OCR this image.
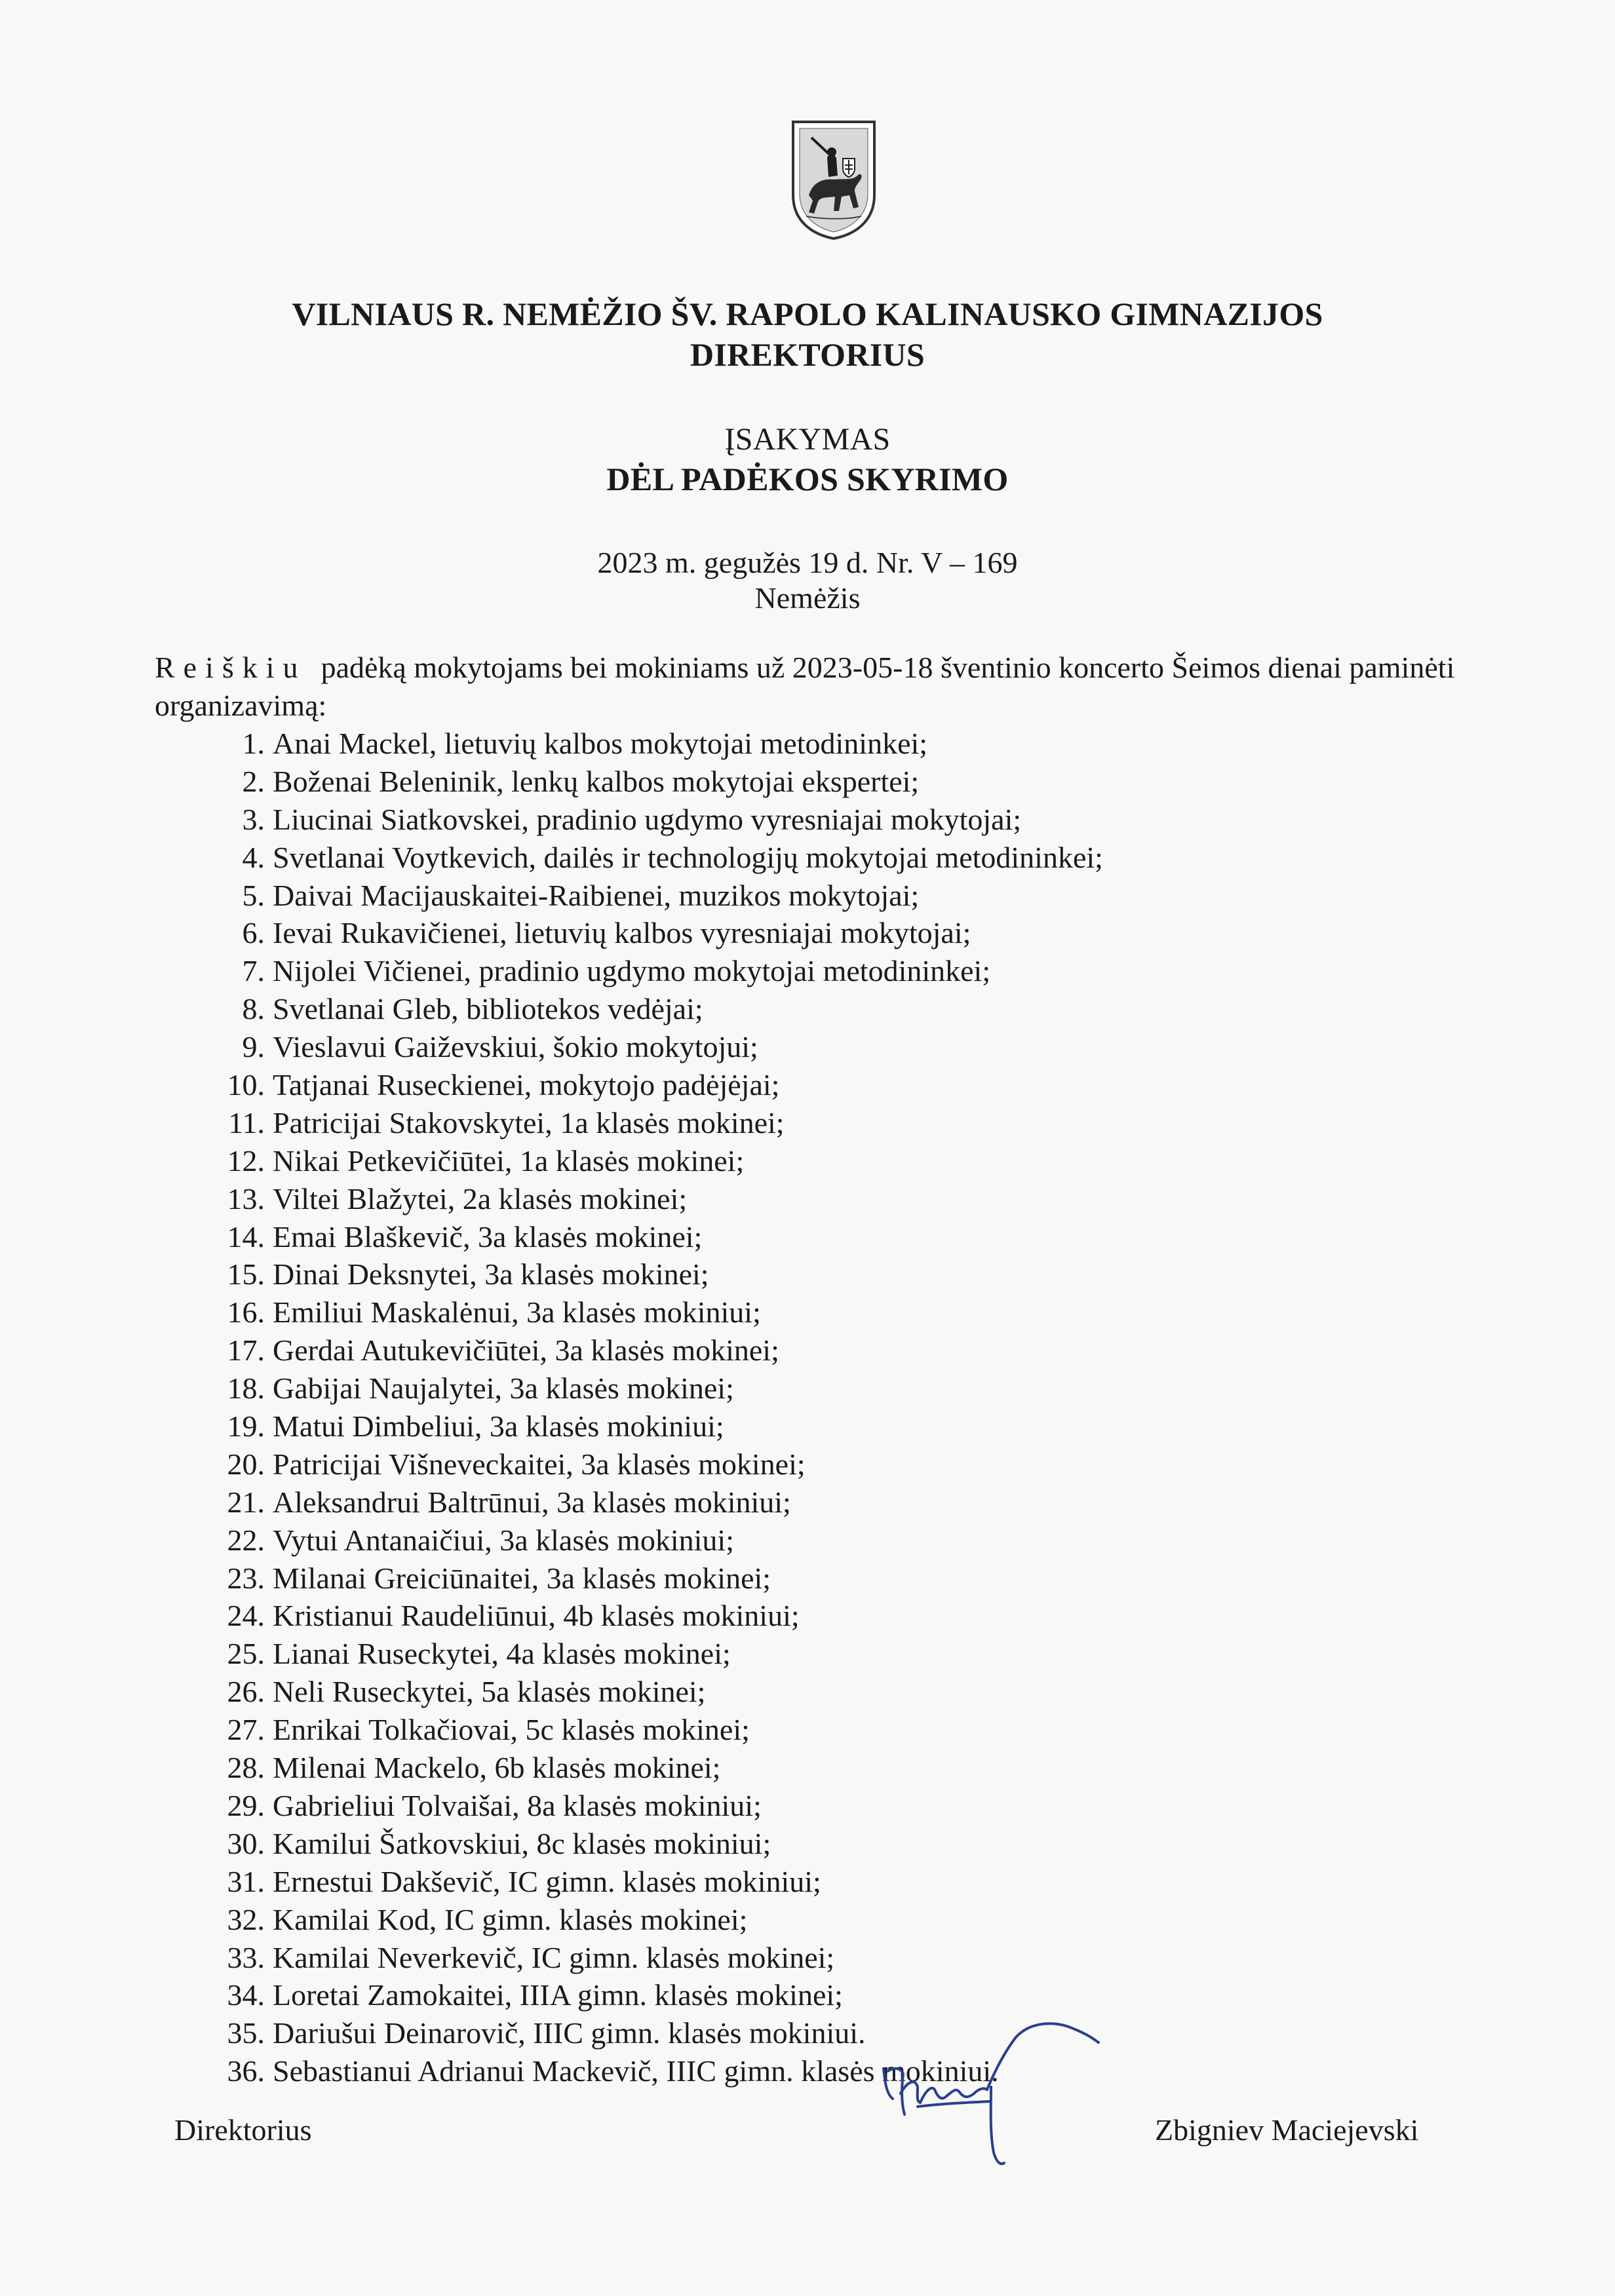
VILNIAUS R. NEMĖŽIO ŠV. RAPOLO KALINAUSKO GIMNAZIJOS
DIREKTORIUS
ĮSAKYMAS
DĖL PADĖKOS SKYRIMO
2023 m. gegužės 19 d. Nr. V – 169
Nemėžis
Reiškiu padėką mokytojams bei mokiniams už 2023-05-18 šventinio koncerto Šeimos dienai paminėti organizavimą:
1. Anai Mackel, lietuvių kalbos mokytojai metodininkei;
2. Boženai Beleninik, lenkų kalbos mokytojai ekspertei;
3. Liucinai Siatkovskei, pradinio ugdymo vyresniajai mokytojai;
4. Svetlanai Voytkevich, dailės ir technologijų mokytojai metodininkei;
5. Daivai Macijauskaitei-Raibienei, muzikos mokytojai;
6. Ievai Rukavičienei, lietuvių kalbos vyresniajai mokytojai;
7. Nijolei Vičienei, pradinio ugdymo mokytojai metodininkei;
8. Svetlanai Gleb, bibliotekos vedėjai;
9. Vieslavui Gaiževskiui, šokio mokytojui;
10. Tatjanai Ruseckienei, mokytojo padėjėjai;
11. Patricijai Stakovskytei, 1a klasės mokinei;
12. Nikai Petkevičiūtei, 1a klasės mokinei;
13. Viltei Blažytei, 2a klasės mokinei;
14. Emai Blaškevič, 3a klasės mokinei;
15. Dinai Deksnytei, 3a klasės mokinei;
16. Emiliui Maskalėnui, 3a klasės mokiniui;
17. Gerdai Autukevičiūtei, 3a klasės mokinei;
18. Gabijai Naujalytei, 3a klasės mokinei;
19. Matui Dimbeliui, 3a klasės mokiniui;
20. Patricijai Višneveckaitei, 3a klasės mokinei;
21. Aleksandrui Baltrūnui, 3a klasės mokiniui;
22. Vytui Antanaičiui, 3a klasės mokiniui;
23. Milanai Greiciūnaitei, 3a klasės mokinei;
24. Kristianui Raudeliūnui, 4b klasės mokiniui;
25. Lianai Ruseckytei, 4a klasės mokinei;
26. Neli Ruseckytei, 5a klasės mokinei;
27. Enrikai Tolkačiovai, 5c klasės mokinei;
28. Milenai Mackelo, 6b klasės mokinei;
29. Gabrieliui Tolvaišai, 8a klasės mokiniui;
30. Kamilui Šatkovskiui, 8c klasės mokiniui;
31. Ernestui Dakševič, IC gimn. klasės mokiniui;
32. Kamilai Kod, IC gimn. klasės mokinei;
33. Kamilai Neverkevič, IC gimn. klasės mokinei;
34. Loretai Zamokaitei, IIIA gimn. klasės mokinei;
35. Dariušui Deinarovič, IIIC gimn. klasės mokiniui.
36. Sebastianui Adrianui Mackevič, IIIC gimn. klasės mokiniui.
Direktorius	Zbigniev Maciejevski
